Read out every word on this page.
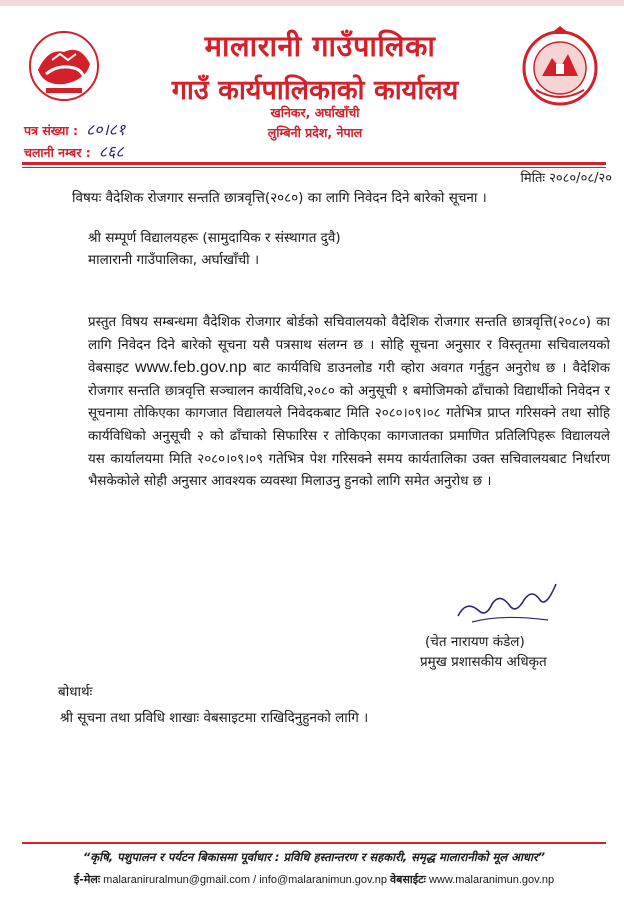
मालारानी गाउँपालिका
गाउँ कार्यपालिकाको कार्यालय
खनिकर, अर्घाखाँची
लुम्बिनी प्रदेश, नेपाल
पत्र संख्या : ८०।८१
चलानी नम्बर : ८६८
मितिः २०८०/०८/२०
विषयः वैदेशिक रोजगार सन्तति छात्रवृत्ति(२०८०) का लागि निवेदन दिने बारेको सूचना ।
श्री सम्पूर्ण विद्यालयहरू (सामुदायिक र संस्थागत दुवै)
मालारानी गाउँपालिका, अर्घाखाँची ।
प्रस्तुत विषय सम्बन्धमा वैदेशिक रोजगार बोर्डको सचिवालयको वैदेशिक रोजगार सन्तति छात्रवृत्ति(२०८०) का लागि निवेदन दिने बारेको सूचना यसै पत्रसाथ संलग्न छ । सोहि सूचना अनुसार र विस्तृतमा सचिवालयको वेबसाइट www.feb.gov.np बाट कार्यविधि डाउनलोड गरी व्होरा अवगत गर्नुहुन अनुरोध छ । वैदेशिक रोजगार सन्तति छात्रवृत्ति सञ्चालन कार्यविधि,२०८० को अनुसूची १ बमोजिमको ढाँचाको विद्यार्थीको निवेदन र सूचनामा तोकिएका कागजात विद्यालयले निवेदकबाट मिति २०८०।०९।०८ गतेभित्र प्राप्त गरिसक्ने तथा सोहि कार्यविधिको अनुसूची २ को ढाँचाको सिफारिस र तोकिएका कागजातका प्रमाणित प्रतिलिपिहरू विद्यालयले यस कार्यालयमा मिति २०८०।०९।०९ गतेभित्र पेश गरिसक्ने समय कार्यतालिका उक्त सचिवालयबाट निर्धारण भैसकेकोले सोही अनुसार आवश्यक व्यवस्था मिलाउनु हुनको लागि समेत अनुरोध छ ।
(चेत नारायण कंडेल)
प्रमुख प्रशासकीय अधिकृत
बोधार्थः
श्री सूचना तथा प्रविधि शाखाः वेबसाइटमा राखिदिनुहुनको लागि ।
“कृषि, पशुपालन र पर्यटन बिकासमा पूर्वाधार : प्रविधि हस्तान्तरण र सहकारी, समृद्ध मालारानीको मूल आधार”
ई-मेलः malaraniruralmun@gmail.com / info@malaranimun.gov.np वेबसाईटः www.malaranimun.gov.np
